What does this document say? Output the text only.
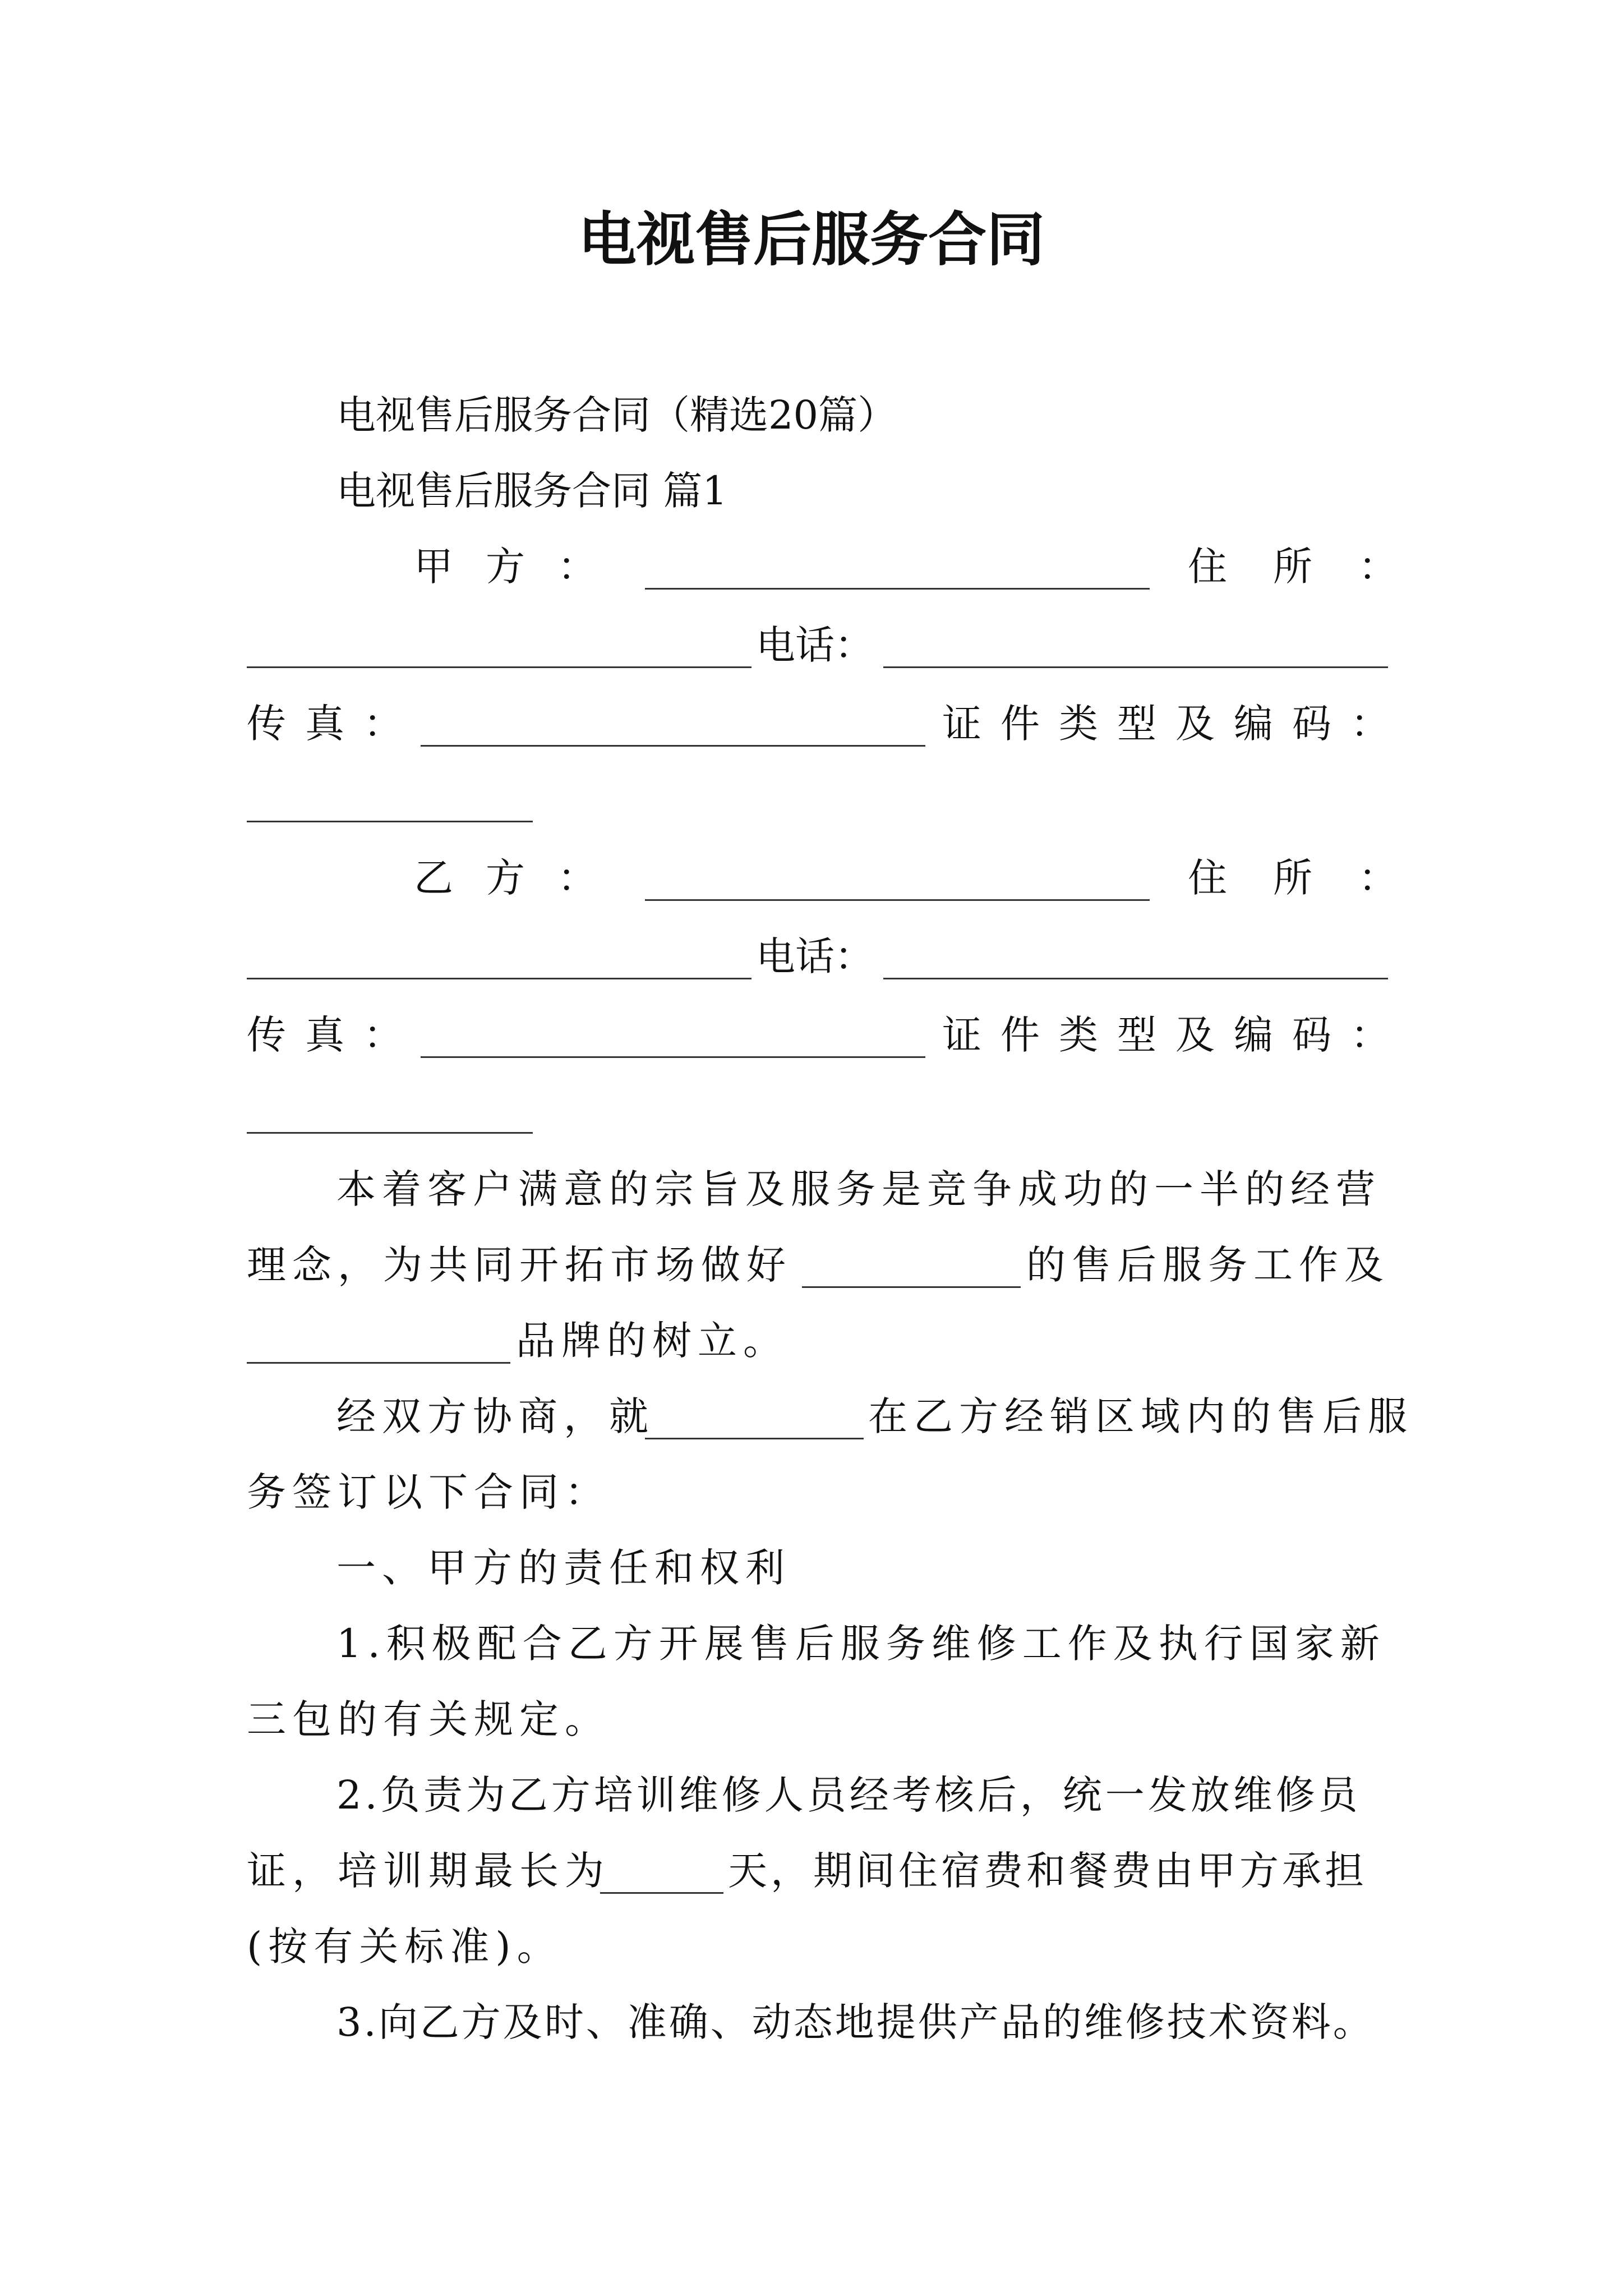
电视售后服务合同
电视售后服务合同（精选20篇）
电视售后服务合同 篇1
甲方：	住所：
电话：
传真：	证件类型及编码：
乙方：	住所：
电话：
传真：	证件类型及编码：
本着客户满意的宗旨及服务是竞争成功的一半的经营
理念，为共同开拓市场做好	的售后服务工作及
品牌的树立。
经双方协商，就	在乙方经销区域内的售后服
务签订以下合同：
一、甲方的责任和权利
1.积极配合乙方开展售后服务维修工作及执行国家新
三包的有关规定。
2.负责为乙方培训维修人员经考核后，统一发放维修员
证，培训期最长为	天，期间住宿费和餐费由甲方承担
(按有关标准)。
3.向乙方及时、准确、动态地提供产品的维修技术资料。
